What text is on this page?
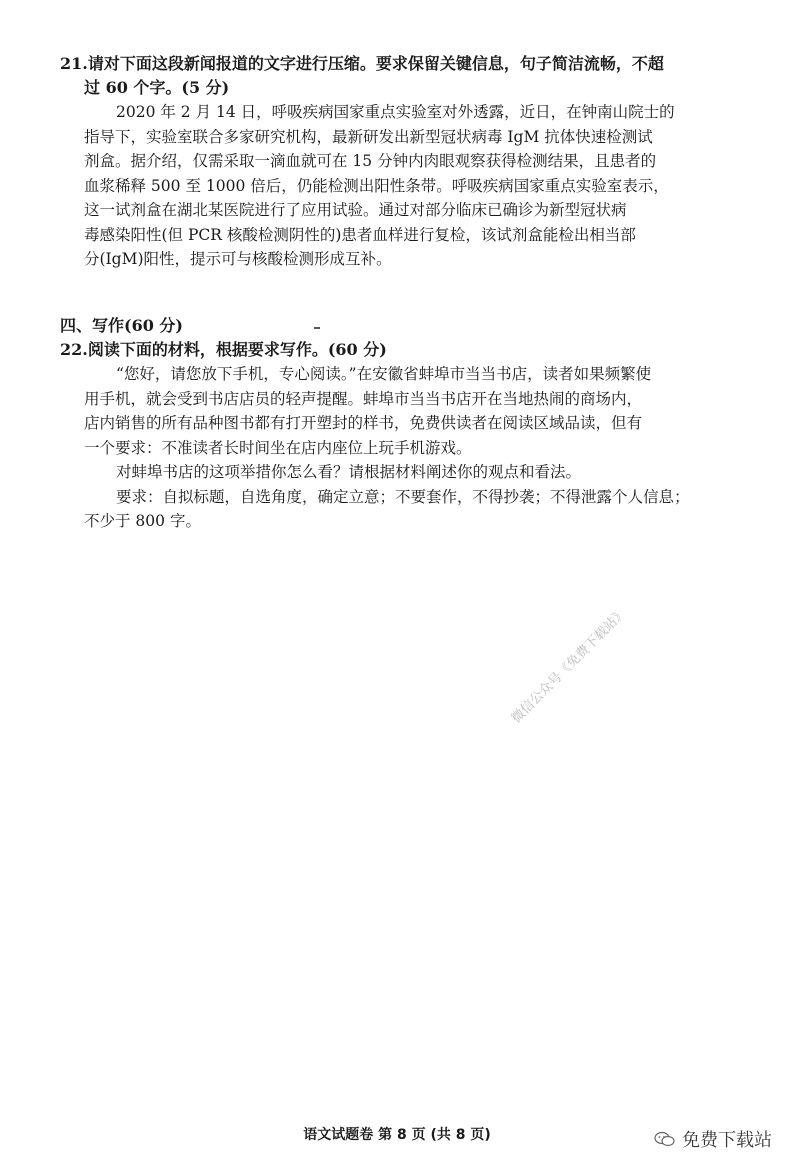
21.请对下面这段新闻报道的文字进行压缩。要求保留关键信息，句子简洁流畅，不超
过 60 个字。(5 分)
2020 年 2 月 14 日，呼吸疾病国家重点实验室对外透露，近日，在钟南山院士的
指导下，实验室联合多家研究机构，最新研发出新型冠状病毒 IgM 抗体快速检测试
剂盒。据介绍，仅需采取一滴血就可在 15 分钟内肉眼观察获得检测结果，且患者的
血浆稀释 500 至 1000 倍后，仍能检测出阳性条带。呼吸疾病国家重点实验室表示，
这一试剂盒在湖北某医院进行了应用试验。通过对部分临床已确诊为新型冠状病
毒感染阳性(但 PCR 核酸检测阴性的)患者血样进行复检，该试剂盒能检出相当部
分(IgM)阳性，提示可与核酸检测形成互补。
四、写作(60 分)
22.阅读下面的材料，根据要求写作。(60 分)
“您好，请您放下手机，专心阅读。”在安徽省蚌埠市当当书店，读者如果频繁使
用手机，就会受到书店店员的轻声提醒。蚌埠市当当书店开在当地热闹的商场内，
店内销售的所有品种图书都有打开塑封的样书，免费供读者在阅读区域品读，但有
一个要求：不准读者长时间坐在店内座位上玩手机游戏。
对蚌埠书店的这项举措你怎么看？请根据材料阐述你的观点和看法。
要求：自拟标题，自选角度，确定立意；不要套作，不得抄袭；不得泄露个人信息；
不少于 800 字。
微信公众号《免费下载站》
语文试题卷 第 8 页 (共 8 页)	免费下载站
